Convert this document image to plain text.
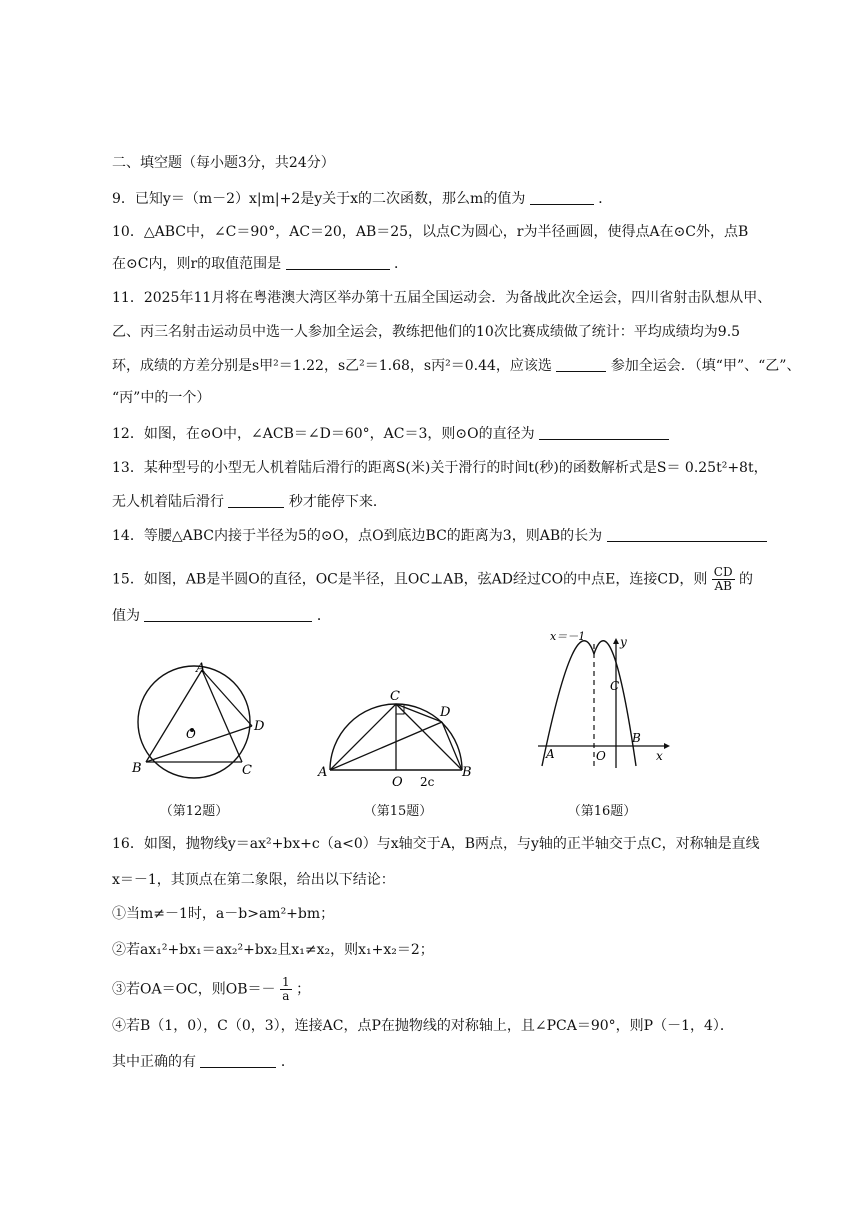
二、填空题（每小题3分，共24分）
9．已知y＝（m－2）x|m|+2是y关于x的二次函数，那么m的值为	．
10．△ABC中，∠C＝90°，AC＝20，AB＝25，以点C为圆心，r为半径画圆，使得点A在⊙C外，点B
在⊙C内，则r的取值范围是	．
11．2025年11月将在粤港澳大湾区举办第十五届全国运动会．为备战此次全运会，四川省射击队想从甲、
乙、丙三名射击运动员中选一人参加全运会，教练把他们的10次比赛成绩做了统计：平均成绩均为9.5
环，成绩的方差分别是s甲²＝1.22，s乙²＝1.68，s丙²＝0.44，应该选	参加全运会．（填“甲”、“乙”、
“丙”中的一个）
12．如图，在⊙O中，∠ACB＝∠D＝60°，AC＝3，则⊙O的直径为
13．某种型号的小型无人机着陆后滑行的距离S(米)关于滑行的时间t(秒)的函数解析式是S＝ 0.25t²+8t，
无人机着陆后滑行	秒才能停下来．
14．等腰△ABC内接于半径为5的⊙O，点O到底边BC的距离为3，则AB的长为
15．如图，AB是半圆O的直径，OC是半径，且OC⊥AB，弦AD经过CO的中点E，连接CD，则 $\frac{CD}{AB}$ 的
值为	．
A
B	C
D
O
（第12题）
C
D
A	B
O 2c
（第15题）
x＝－1	y
x
A
B
C
O
（第16题）
16．如图，抛物线y＝ax²+bx+c（a<0）与x轴交于A，B两点，与y轴的正半轴交于点C，对称轴是直线
x＝－1，其顶点在第二象限，给出以下结论：
①当m≠－1时，a－b>am²+bm；
②若ax₁²+bx₁＝ax₂²+bx₂且x₁≠x₂，则x₁+x₂＝2；
③若OA＝OC，则$OB=- \frac{1}{a}$ ；
④若B（1，0），C（0，3），连接AC，点P在抛物线的对称轴上，且∠PCA＝90°，则P（－1，4）．
其中正确的有	．
